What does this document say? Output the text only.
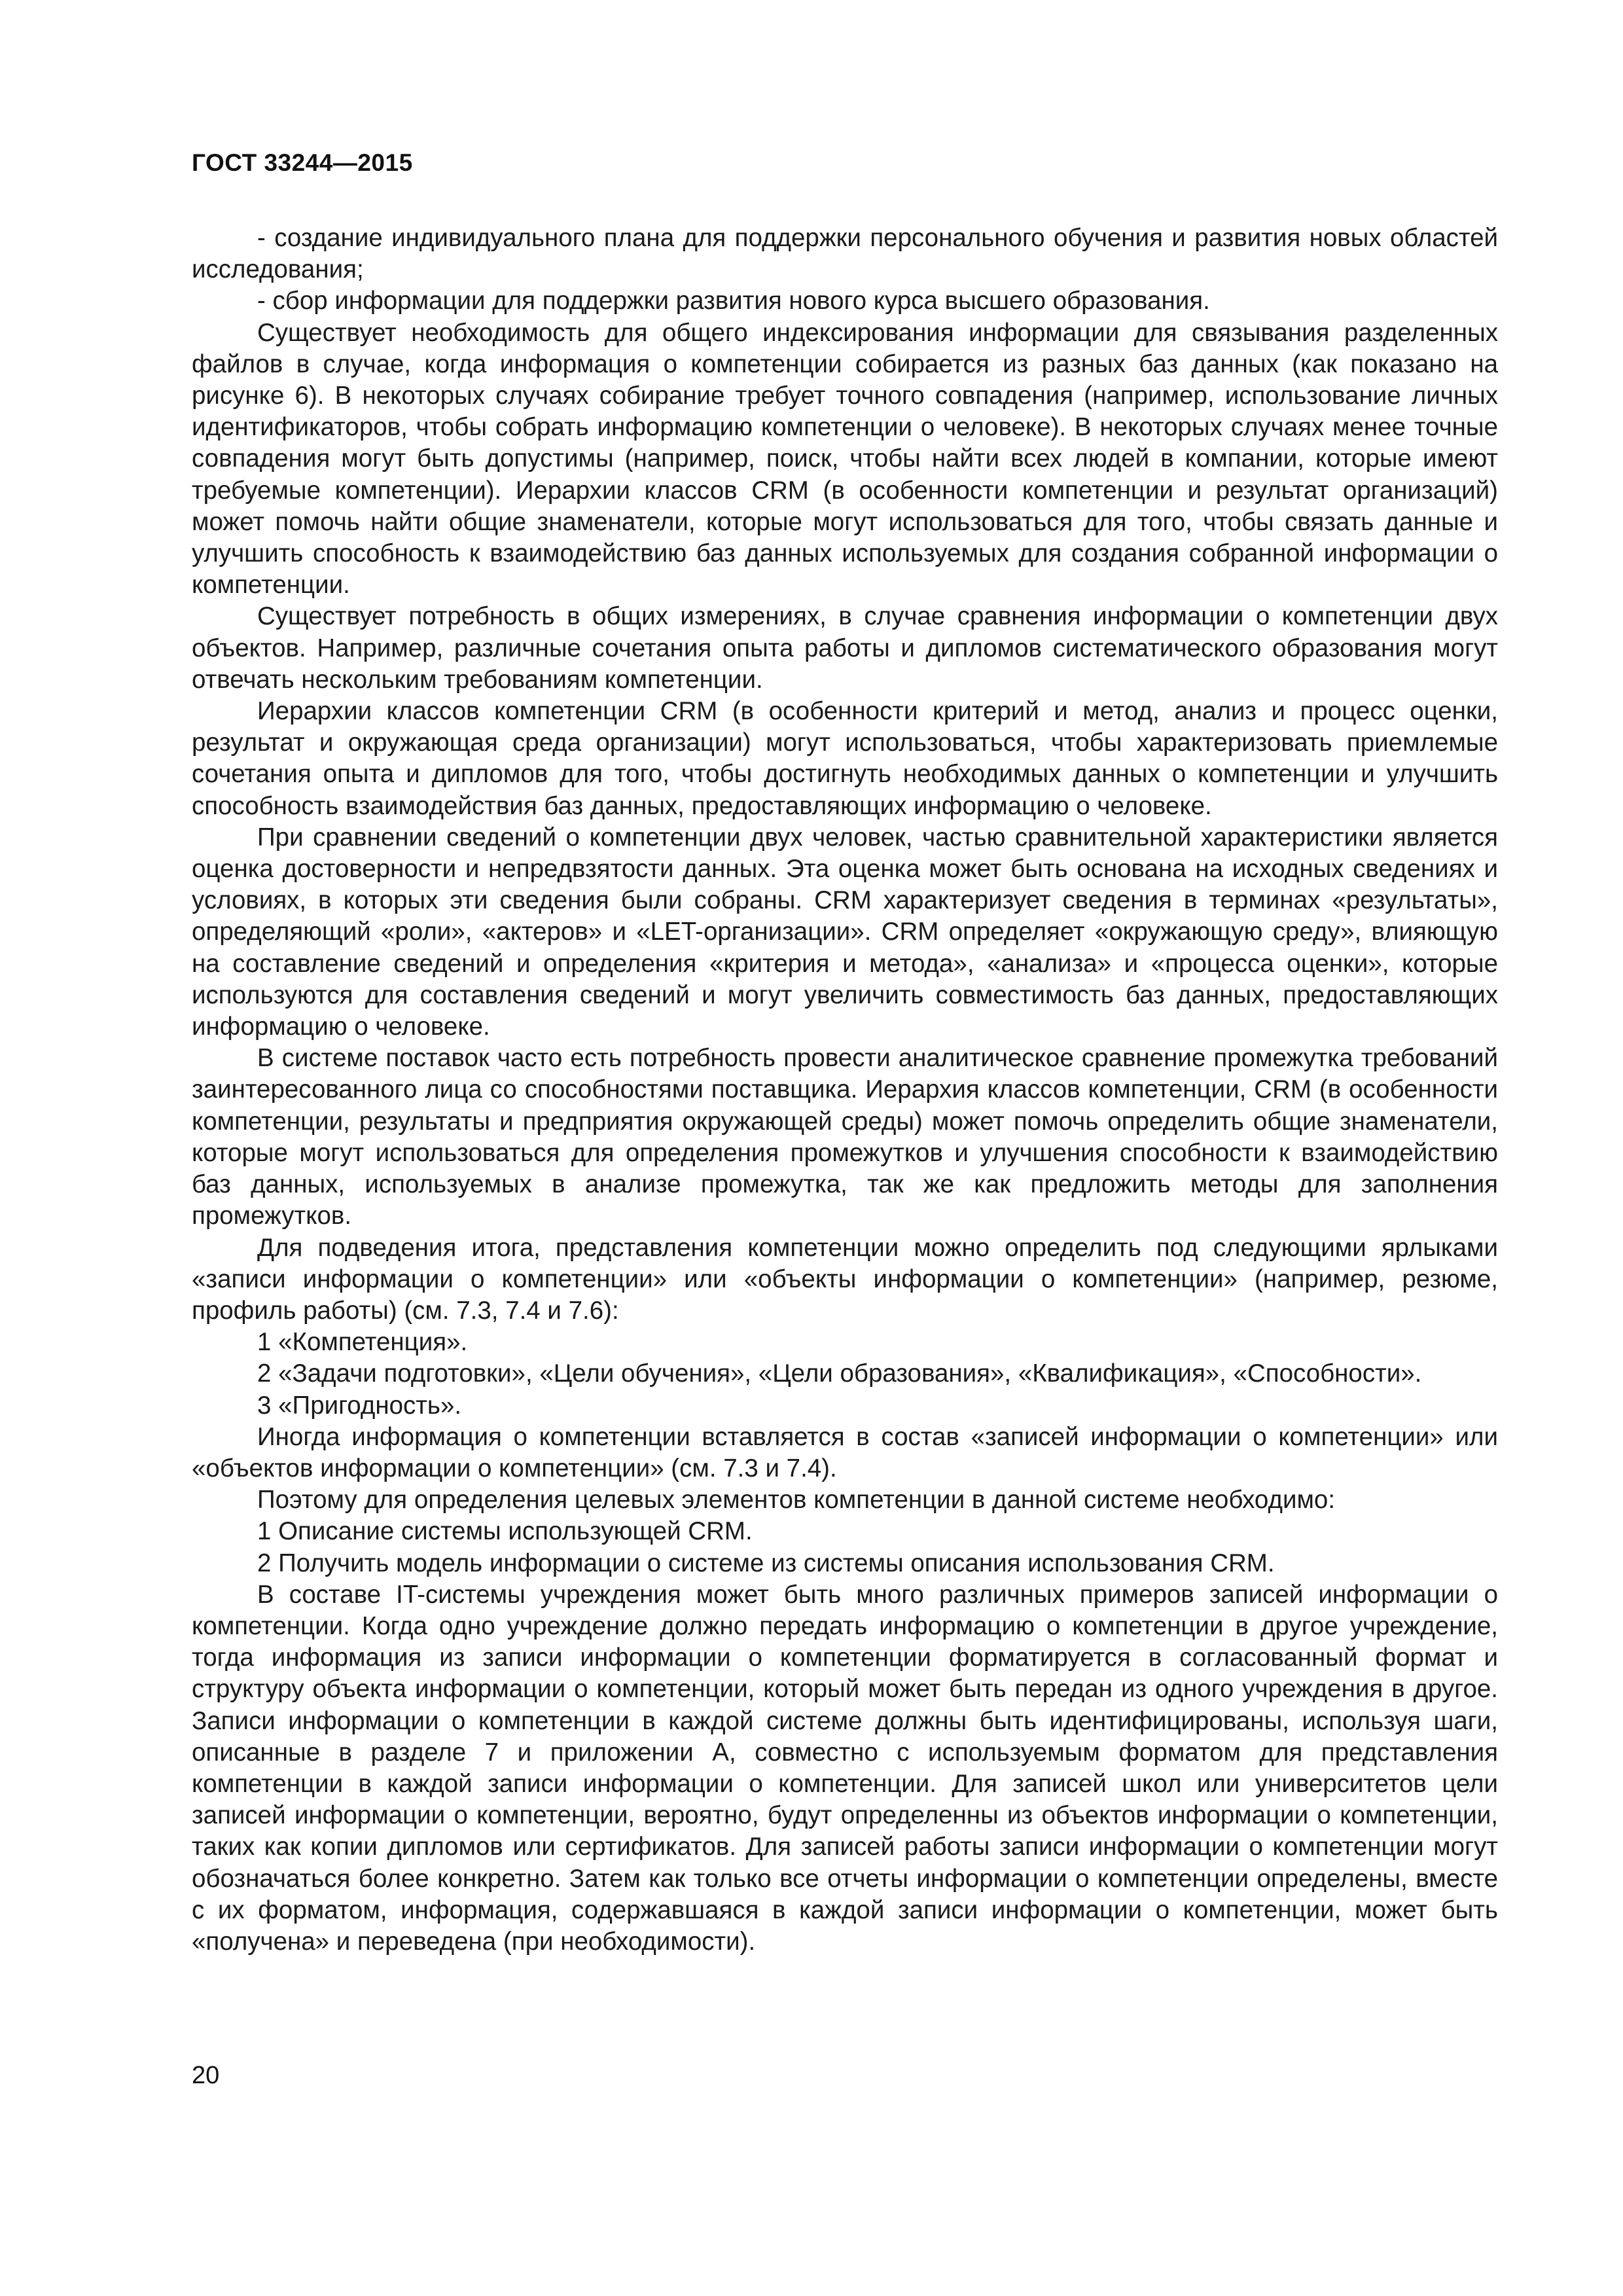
ГОСТ 33244—2015

- создание индивидуального плана для поддержки персонального обучения и развития новых областей исследования;

- сбор информации для поддержки развития нового курса высшего образования.

Существует необходимость для общего индексирования информации для связывания разделенных файлов в случае, когда информация о компетенции собирается из разных баз данных (как показано на рисунке 6). В некоторых случаях собирание требует точного совпадения (например, использование личных идентификаторов, чтобы собрать информацию компетенции о человеке). В некоторых случаях менее точные совпадения могут быть допустимы (например, поиск, чтобы найти всех людей в компании, которые имеют требуемые компетенции). Иерархии классов CRM (в особенности компетенции и результат организаций) может помочь найти общие знаменатели, которые могут использоваться для того, чтобы связать данные и улучшить способность к взаимодействию баз данных используемых для создания собранной информации о компетенции.

Существует потребность в общих измерениях, в случае сравнения информации о компетенции двух объектов. Например, различные сочетания опыта работы и дипломов систематического образования могут отвечать нескольким требованиям компетенции.

Иерархии классов компетенции CRM (в особенности критерий и метод, анализ и процесс оценки, результат и окружающая среда организации) могут использоваться, чтобы характеризовать приемлемые сочетания опыта и дипломов для того, чтобы достигнуть необходимых данных о компетенции и улучшить способность взаимодействия баз данных, предоставляющих информацию о человеке.

При сравнении сведений о компетенции двух человек, частью сравнительной характеристики является оценка достоверности и непредвзятости данных. Эта оценка может быть основана на исходных сведениях и условиях, в которых эти сведения были собраны. CRM характеризует сведения в терминах «результаты», определяющий «роли», «актеров» и «LET-организации». CRM определяет «окружающую среду», влияющую на составление сведений и определения «критерия и метода», «анализа» и «процесса оценки», которые используются для составления сведений и могут увеличить совместимость баз данных, предоставляющих информацию о человеке.

В системе поставок часто есть потребность провести аналитическое сравнение промежутка требований заинтересованного лица со способностями поставщика. Иерархия классов компетенции, CRM (в особенности компетенции, результаты и предприятия окружающей среды) может помочь определить общие знаменатели, которые могут использоваться для определения промежутков и улучшения способности к взаимодействию баз данных, используемых в анализе промежутка, так же как предложить методы для заполнения промежутков.

Для подведения итога, представления компетенции можно определить под следующими ярлыками «записи информации о компетенции» или «объекты информации о компетенции» (например, резюме, профиль работы) (см. 7.3, 7.4 и 7.6):

1 «Компетенция».

2 «Задачи подготовки», «Цели обучения», «Цели образования», «Квалификация», «Способности».

3 «Пригодность».

Иногда информация о компетенции вставляется в состав «записей информации о компетенции» или «объектов информации о компетенции» (см. 7.3 и 7.4).

Поэтому для определения целевых элементов компетенции в данной системе необходимо:

1 Описание системы использующей CRM.

2 Получить модель информации о системе из системы описания использования CRM.

В составе IT-системы учреждения может быть много различных примеров записей информации о компетенции. Когда одно учреждение должно передать информацию о компетенции в другое учреждение, тогда информация из записи информации о компетенции форматируется в согласованный формат и структуру объекта информации о компетенции, который может быть передан из одного учреждения в другое. Записи информации о компетенции в каждой системе должны быть идентифицированы, используя шаги, описанные в разделе 7 и приложении А, совместно с используемым форматом для представления компетенции в каждой записи информации о компетенции. Для записей школ или университетов цели записей информации о компетенции, вероятно, будут определенны из объектов информации о компетенции, таких как копии дипломов или сертификатов. Для записей работы записи информации о компетенции могут обозначаться более конкретно. Затем как только все отчеты информации о компетенции определены, вместе с их форматом, информация, содержавшаяся в каждой записи информации о компетенции, может быть «получена» и переведена (при необходимости).

20
